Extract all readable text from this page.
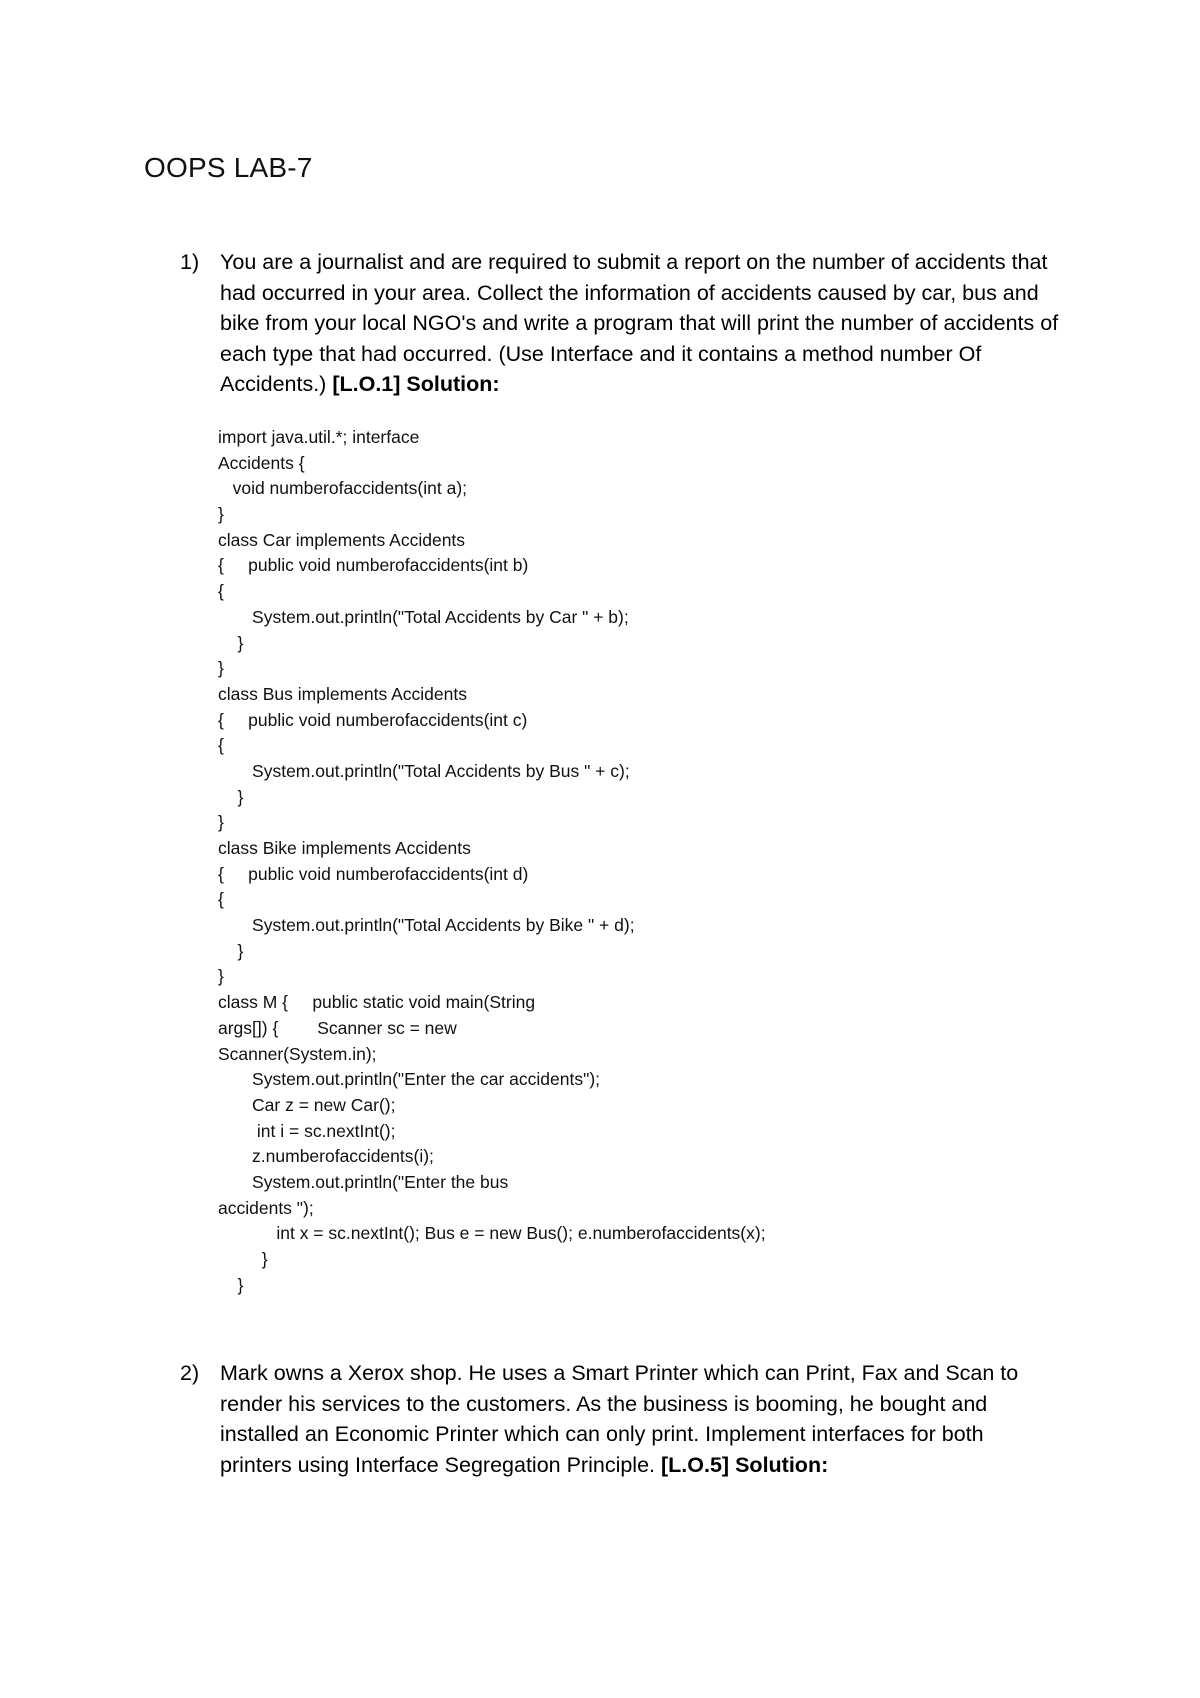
OOPS LAB-7
1) You are a journalist and are required to submit a report on the number of accidents that had occurred in your area. Collect the information of accidents caused by car, bus and bike from your local NGO's and write a program that will print the number of accidents of each type that had occurred. (Use Interface and it contains a method number Of Accidents.) [L.O.1] Solution:
import java.util.*; interface
Accidents {
void numberofaccidents(int a);
}
class Car implements Accidents
{     public void numberofaccidents(int b)
{
System.out.println("Total Accidents by Car " + b);
}
}
class Bus implements Accidents
{     public void numberofaccidents(int c)
{
System.out.println("Total Accidents by Bus " + c);
}
}
class Bike implements Accidents
{     public void numberofaccidents(int d)
{
System.out.println("Total Accidents by Bike " + d);
}
}
class M {     public static void main(String
args[]) {        Scanner sc = new
Scanner(System.in);
System.out.println("Enter the car accidents");
Car z = new Car();
int i = sc.nextInt();
z.numberofaccidents(i);
System.out.println("Enter the bus
accidents ");
int x = sc.nextInt(); Bus e = new Bus(); e.numberofaccidents(x);
}
}
2) Mark owns a Xerox shop. He uses a Smart Printer which can Print, Fax and Scan to render his services to the customers. As the business is booming, he bought and installed an Economic Printer which can only print. Implement interfaces for both printers using Interface Segregation Principle. [L.O.5] Solution:
